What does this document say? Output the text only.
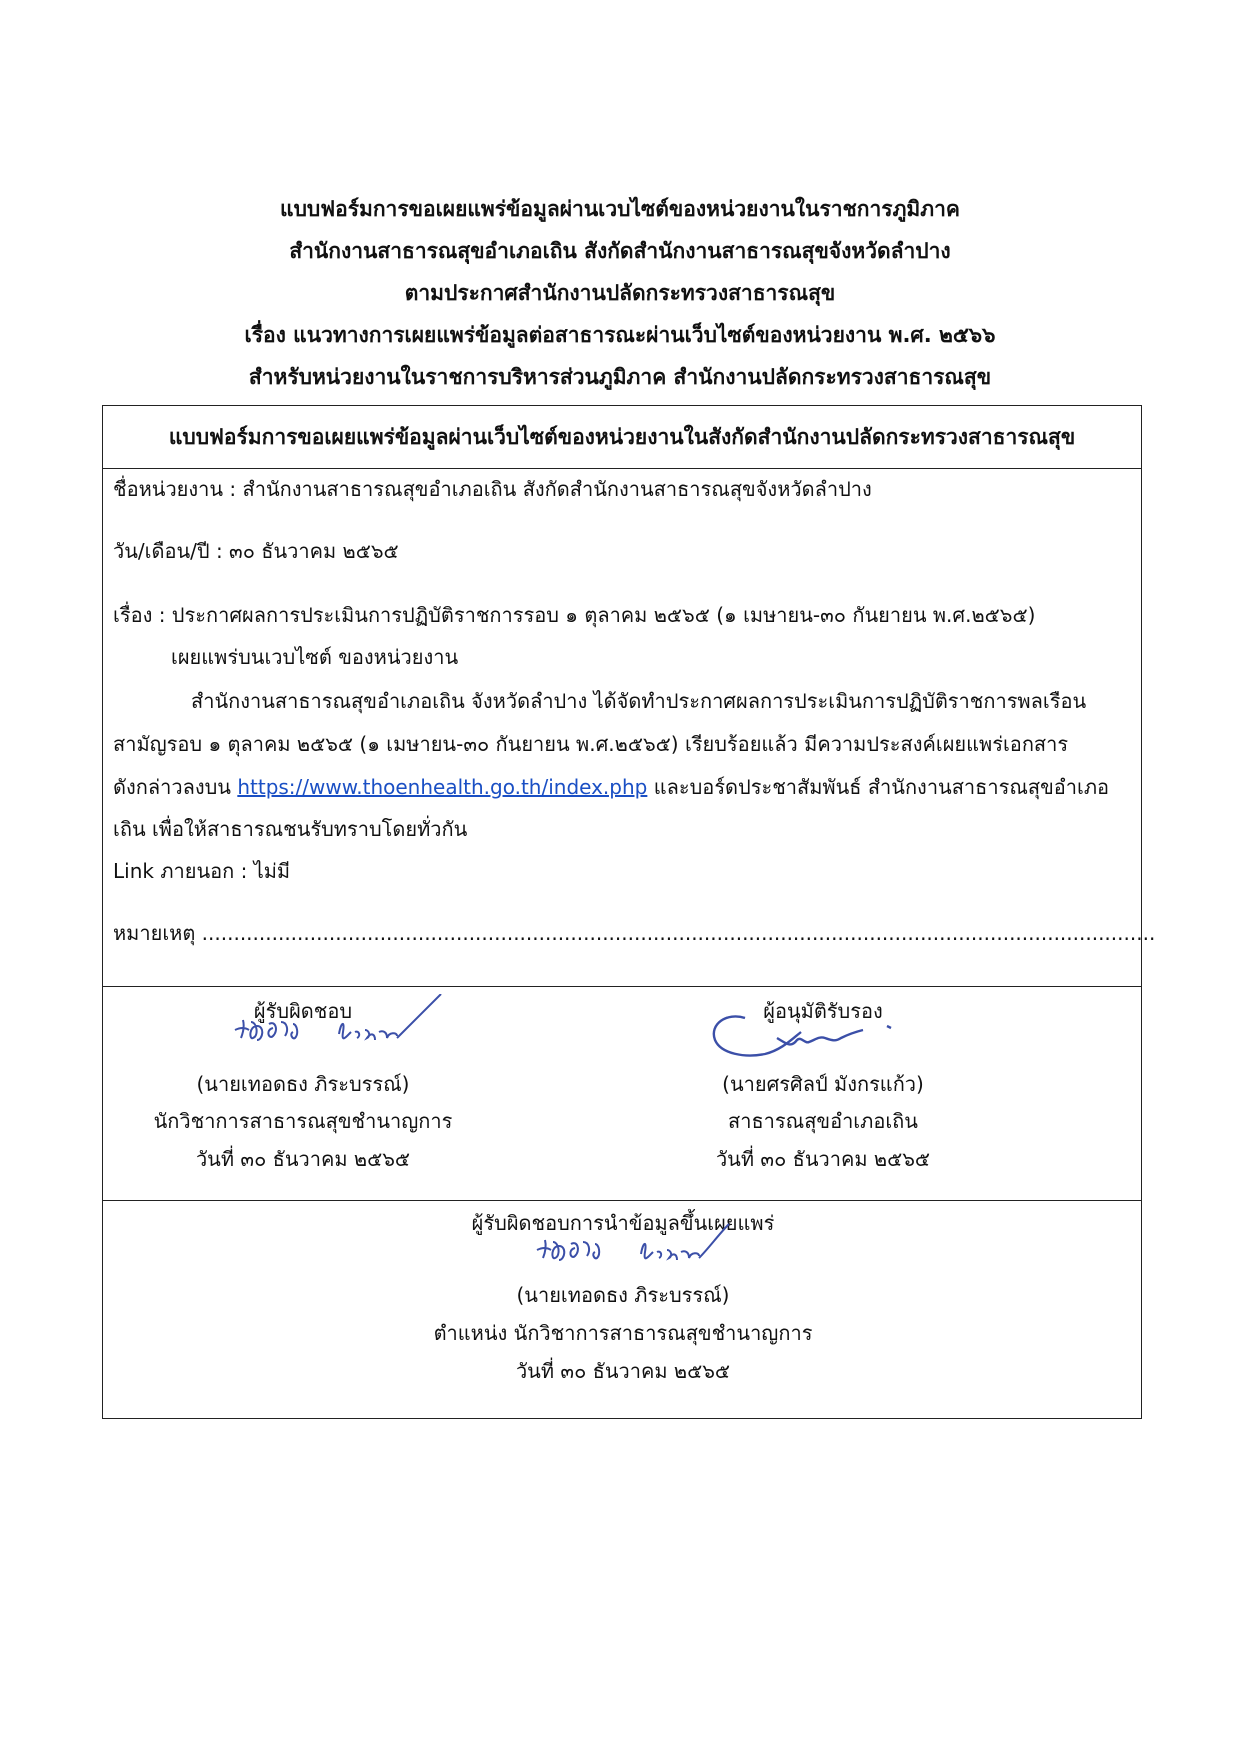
แบบฟอร์มการขอเผยแพร่ข้อมูลผ่านเวบไซต์ของหน่วยงานในราชการภูมิภาค
สำนักงานสาธารณสุขอำเภอเถิน สังกัดสำนักงานสาธารณสุขจังหวัดลำปาง
ตามประกาศสำนักงานปลัดกระทรวงสาธารณสุข
เรื่อง แนวทางการเผยแพร่ข้อมูลต่อสาธารณะผ่านเว็บไซต์ของหน่วยงาน พ.ศ. ๒๕๖๖
สำหรับหน่วยงานในราชการบริหารส่วนภูมิภาค สำนักงานปลัดกระทรวงสาธารณสุข
แบบฟอร์มการขอเผยแพร่ข้อมูลผ่านเว็บไซต์ของหน่วยงานในสังกัดสำนักงานปลัดกระทรวงสาธารณสุข
ชื่อหน่วยงาน : สำนักงานสาธารณสุขอำเภอเถิน สังกัดสำนักงานสาธารณสุขจังหวัดลำปาง
วัน/เดือน/ปี : ๓๐ ธันวาคม ๒๕๖๕
เรื่อง : ประกาศผลการประเมินการปฏิบัติราชการรอบ ๑ ตุลาคม ๒๕๖๕ (๑ เมษายน-๓๐ กันยายน พ.ศ.๒๕๖๕)
เผยแพร่บนเวบไซต์ ของหน่วยงาน
สำนักงานสาธารณสุขอำเภอเถิน จังหวัดลำปาง ได้จัดทำประกาศผลการประเมินการปฏิบัติราชการพลเรือน
สามัญรอบ ๑ ตุลาคม ๒๕๖๕ (๑ เมษายน-๓๐ กันยายน พ.ศ.๒๕๖๕) เรียบร้อยแล้ว มีความประสงค์เผยแพร่เอกสาร
ดังกล่าวลงบน https://www.thoenhealth.go.th/index.php และบอร์ดประชาสัมพันธ์ สำนักงานสาธารณสุขอำเภอ
เถิน เพื่อให้สาธารณชนรับทราบโดยทั่วกัน
Link ภายนอก : ไม่มี
หมายเหตุ ......................................................................................................................................................
ผู้รับผิดชอบ
(นายเทอดธง ภิระบรรณ์)
นักวิชาการสาธารณสุขชำนาญการ
วันที่ ๓๐ ธันวาคม ๒๕๖๕
ผู้อนุมัติรับรอง
(นายศรศิลป์ มังกรแก้ว)
สาธารณสุขอำเภอเถิน
วันที่ ๓๐ ธันวาคม ๒๕๖๕
ผู้รับผิดชอบการนำข้อมูลขึ้นเผยแพร่
(นายเทอดธง ภิระบรรณ์)
ตำแหน่ง นักวิชาการสาธารณสุขชำนาญการ
วันที่ ๓๐ ธันวาคม ๒๕๖๕
